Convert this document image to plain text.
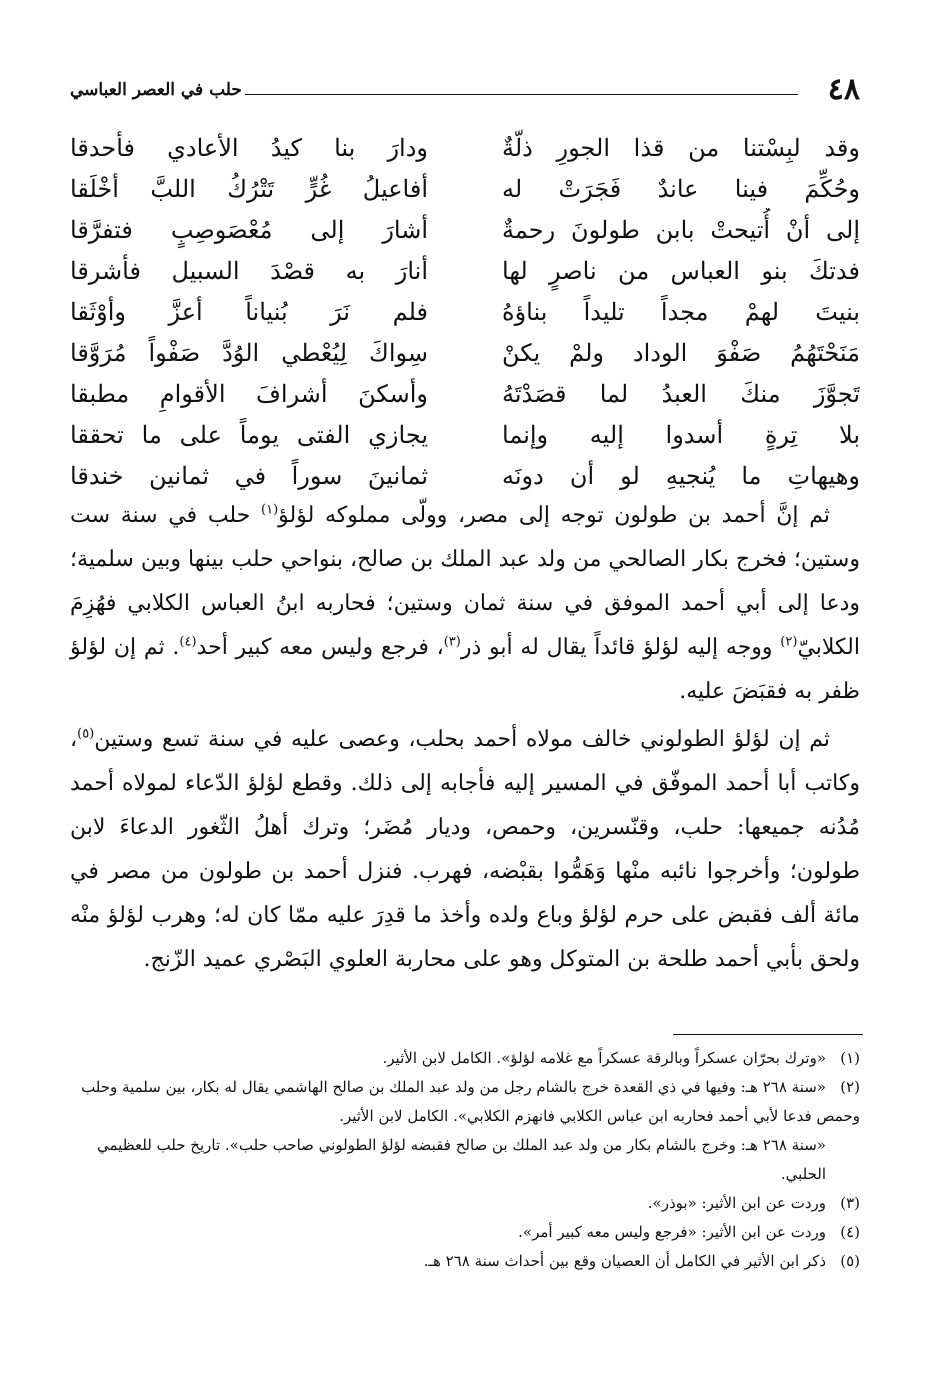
٤٨
حلب في العصر العباسي
وقد لبِسْتنا من قذا الجورِ ذلّةٌ
ودارَ بنا كيدُ الأعادي فأحدقا
وحُكِّمَ فينا عاندٌ فَجَرَتْ له
أفاعيلُ غُرٍّ تَتْرُكُ اللبَّ أخْلَقا
إلى أنْ أُتيحتْ بابن طولونَ رحمةٌ
أشارَ إلى مُعْصَوصِبٍ فتفرَّقا
فدتكَ بنو العباس من ناصرٍ لها
أنارَ به قصْدَ السبيل فأشرقا
بنيتَ لهمْ مجداً تليداً بناؤهُ
فلم نَرَ بُنياناً أعزَّ وأوْثَقا
مَنَحْتَهُمُ صَفْوَ الوداد ولمْ يكنْ
سِواكَ لِيُعْطي الوُدَّ صَفْواً مُرَوَّقا
تَجوَّزَ منكَ العبدُ لما قصَدْتَهُ
وأسكنَ أشرافَ الأقوامِ مطبقا
بلا تِرةٍ أسدوا إليه وإنما
يجازي الفتى يوماً على ما تحققا
وهيهاتِ ما يُنجيهِ لو أن دونَه
ثمانينَ سوراً في ثمانين خندقا

ثم إنَّ أحمد بن طولون توجه إلى مصر، وولّى مملوكه لؤلؤ$^{(١)}$ حلب في سنة ست وستين؛ فخرج بكار الصالحي من ولد عبد الملك بن صالح، بنواحي حلب بينها وبين سلمية؛ ودعا إلى أبي أحمد الموفق في سنة ثمان وستين؛ فحاربه ابنُ العباس الكلابي فهُزِمَ الكلابيّ$^{(٢)}$ ووجه إليه لؤلؤ قائداً يقال له أبو ذر$^{(٣)}$، فرجع وليس معه كبير أحد$^{(٤)}$. ثم إن لؤلؤ ظفر به فقبَضَ عليه.

ثم إن لؤلؤ الطولوني خالف مولاه أحمد بحلب، وعصى عليه في سنة تسع وستين$^{(٥)}$، وكاتب أبا أحمد الموفّق في المسير إليه فأجابه إلى ذلك. وقطع لؤلؤ الدّعاء لمولاه أحمد مُدُنه جميعها: حلب، وقنّسرين، وحمص، وديار مُضَر؛ وترك أهلُ الثّغور الدعاءَ لابن طولون؛ وأخرجوا نائبه منْها وَهَمُّوا بقبْضه، فهرب. فنزل أحمد بن طولون من مصر في مائة ألف فقبض على حرم لؤلؤ وباع ولده وأخذ ما قدِرَ عليه ممّا كان له؛ وهرب لؤلؤ منْه ولحق بأبي أحمد طلحة بن المتوكل وهو على محاربة العلوي البَصْري عميد الزّنج.

(١)«وترك بحرّان عسكراً وبالرقة عسكراً مع غلامه لؤلؤ». الكامل لابن الأثير.

(٢)«سنة ٢٦٨ هـ: وفيها في ذي القعدة خرج بالشام رجل من ولد عبد الملك بن صالح الهاشمي يقال له بكار، بين سلمية وحلب وحمص فدعا لأبي أحمد فحاربه ابن عباس الكلابي فانهزم الكلابي». الكامل لابن الأثير.

«سنة ٢٦٨ هـ: وخرج بالشام بكار من ولد عبد الملك بن صالح فقبضه لؤلؤ الطولوني صاحب حلب». تاريخ حلب للعظيمي الحلبي.

(٣)وردت عن ابن الأثير: «بوذر».

(٤)وردت عن ابن الأثير: «فرجع وليس معه كبير أمر».

(٥)ذكر ابن الأثير في الكامل أن العصيان وقع بين أحداث سنة ٢٦٨ هـ.
